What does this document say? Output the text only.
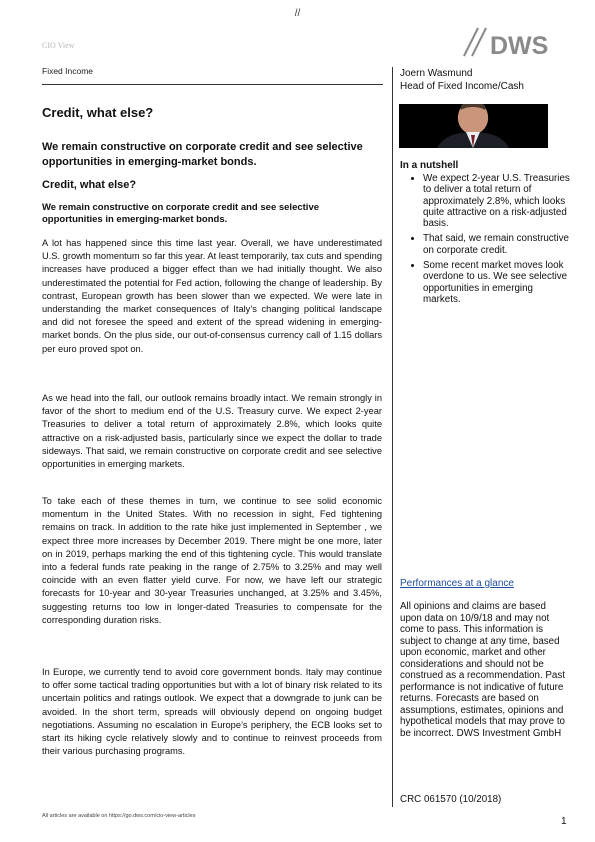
//
CIO View	DWS
Fixed Income	Joern Wasmund
Head of Fixed Income/Cash
Credit, what else?
We remain constructive on corporate credit and see selective opportunities in emerging-market bonds.
Credit, what else?
We remain constructive on corporate credit and see selective opportunities in emerging-market bonds.
A lot has happened since this time last year. Overall, we have underestimated U.S. growth momentum so far this year. At least temporarily, tax cuts and spending increases have produced a bigger effect than we had initially thought. We also underestimated the potential for Fed action, following the change of leadership. By contrast, European growth has been slower than we expected. We were late in understanding the market consequences of Italy’s changing political landscape and did not foresee the speed and extent of the spread widening in emerging-market bonds. On the plus side, our out-of-consensus currency call of 1.15 dollars per euro proved spot on.
As we head into the fall, our outlook remains broadly intact. We remain strongly in favor of the short to medium end of the U.S. Treasury curve. We expect 2-year Treasuries to deliver a total return of approximately 2.8%, which looks quite attractive on a risk-adjusted basis, particularly since we expect the dollar to trade sideways. That said, we remain constructive on corporate credit and see selective opportunities in emerging markets.
To take each of these themes in turn, we continue to see solid economic momentum in the United States. With no recession in sight, Fed tightening remains on track. In addition to the rate hike just implemented in September , we expect three more increases by December 2019. There might be one more, later on in 2019, perhaps marking the end of this tightening cycle. This would translate into a federal funds rate peaking in the range of 2.75% to 3.25% and may well coincide with an even flatter yield curve. For now, we have left our strategic forecasts for 10-year and 30-year Treasuries unchanged, at 3.25% and 3.45%, suggesting returns too low in longer-dated Treasuries to compensate for the corresponding duration risks.
In Europe, we currently tend to avoid core government bonds. Italy may continue to offer some tactical trading opportunities but with a lot of binary risk related to its uncertain politics and ratings outlook. We expect that a downgrade to junk can be avoided. In the short term, spreads will obviously depend on ongoing budget negotiations. Assuming no escalation in Europe’s periphery, the ECB looks set to start its hiking cycle relatively slowly and to continue to reinvest proceeds from their various purchasing programs.
In a nutshell
• We expect 2-year U.S. Treasuries to deliver a total return of approximately 2.8%, which looks quite attractive on a risk-adjusted basis.
• That said, we remain constructive on corporate credit.
• Some recent market moves look overdone to us. We see selective opportunities in emerging markets.
Performances at a glance
All opinions and claims are based upon data on 10/9/18 and may not come to pass. This information is subject to change at any time, based upon economic, market and other considerations and should not be construed as a recommendation. Past performance is not indicative of future returns. Forecasts are based on assumptions, estimates, opinions and hypothetical models that may prove to be incorrect. DWS Investment GmbH
CRC 061570 (10/2018)
All articles are available on https://go.dws.com/cio-view-articles	1
